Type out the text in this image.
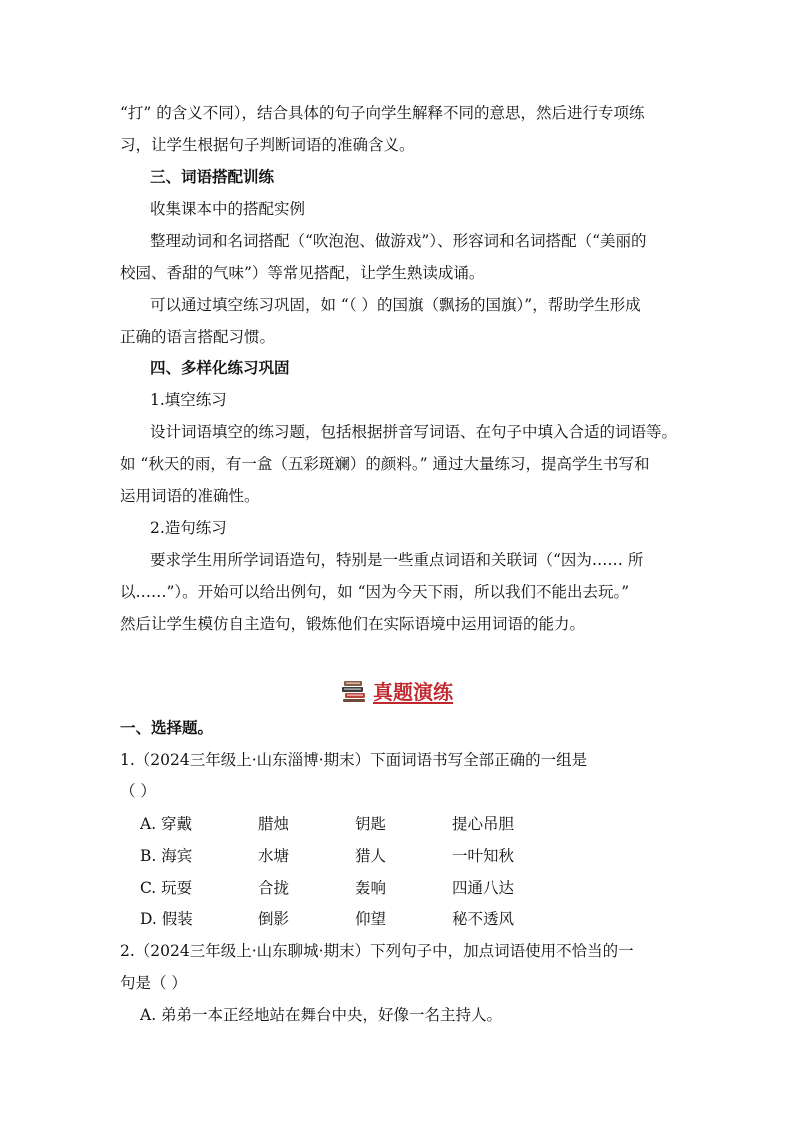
“打” 的含义不同），结合具体的句子向学生解释不同的意思，然后进行专项练
习，让学生根据句子判断词语的准确含义。
三、词语搭配训练
收集课本中的搭配实例
整理动词和名词搭配（“吹泡泡、做游戏”）、形容词和名词搭配（“美丽的
校园、香甜的气味”）等常见搭配，让学生熟读成诵。
可以通过填空练习巩固，如 “（ ）的国旗（飘扬的国旗）”，帮助学生形成
正确的语言搭配习惯。
四、多样化练习巩固
1.填空练习
设计词语填空的练习题，包括根据拼音写词语、在句子中填入合适的词语等。
如 “秋天的雨，有一盒（五彩斑斓）的颜料。” 通过大量练习，提高学生书写和
运用词语的准确性。
2.造句练习
要求学生用所学词语造句，特别是一些重点词语和关联词（“因为…… 所
以……”）。开始可以给出例句，如 “因为今天下雨，所以我们不能出去玩。”
然后让学生模仿自主造句，锻炼他们在实际语境中运用词语的能力。
真题演练
一、选择题。
1.（2024三年级上·山东淄博·期末）下面词语书写全部正确的一组是
（ ）
A. 穿戴	腊烛	钥匙	提心吊胆
B. 海宾	水塘	猎人	一叶知秋
C. 玩耍	合拢	轰响	四通八达
D. 假装	倒影	仰望	秘不透风
2.（2024三年级上·山东聊城·期末）下列句子中，加点词语使用不恰当的一
句是（ ）
A. 弟弟一本正经地站在舞台中央，好像一名主持人。
